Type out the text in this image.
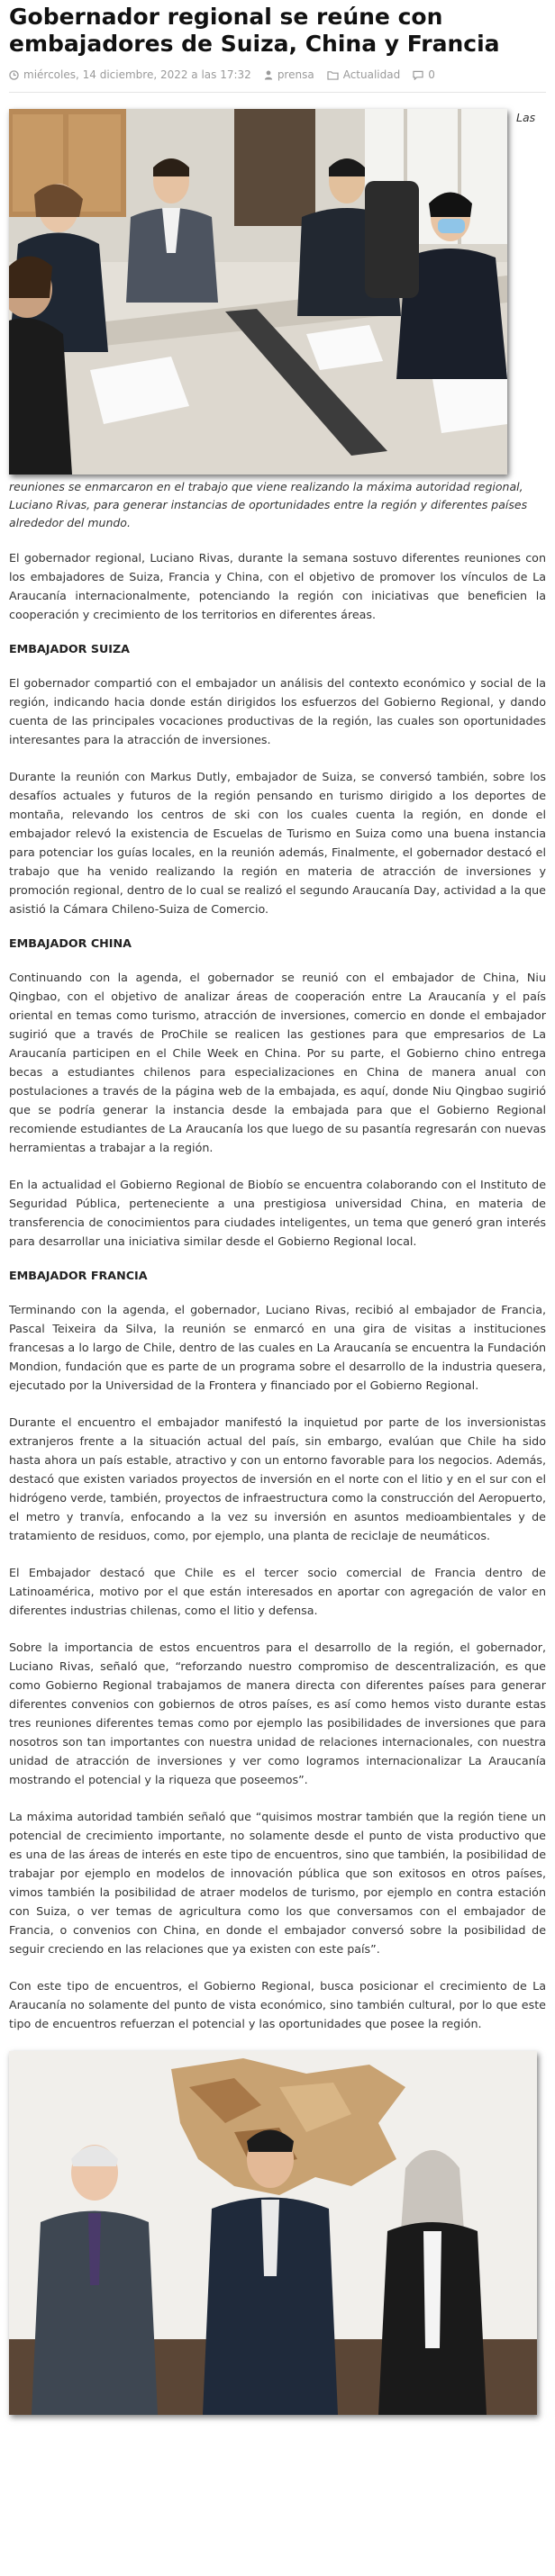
Gobernador regional se reúne con embajadores de Suiza, China y Francia
miércoles, 14 diciembre, 2022 a las 17:32 prensa	Actualidad	0

Las reuniones se enmarcaron en el trabajo que viene realizando la máxima autoridad regional, Luciano Rivas, para generar instancias de oportunidades entre la región y diferentes países alrededor del mundo.

El gobernador regional, Luciano Rivas, durante la semana sostuvo diferentes reuniones con los embajadores de Suiza, Francia y China, con el objetivo de promover los vínculos de La Araucanía internacionalmente, potenciando la región con iniciativas que beneficien la cooperación y crecimiento de los territorios en diferentes áreas.

EMBAJADOR SUIZA

El gobernador compartió con el embajador un análisis del contexto económico y social de la región, indicando hacia donde están dirigidos los esfuerzos del Gobierno Regional, y dando cuenta de las principales vocaciones productivas de la región, las cuales son oportunidades interesantes para la atracción de inversiones.

Durante la reunión con Markus Dutly, embajador de Suiza, se conversó también, sobre los desafíos actuales y futuros de la región pensando en turismo dirigido a los deportes de montaña, relevando los centros de ski con los cuales cuenta la región, en donde el embajador relevó la existencia de Escuelas de Turismo en Suiza como una buena instancia para potenciar los guías locales, en la reunión además, Finalmente, el gobernador destacó el trabajo que ha venido realizando la región en materia de atracción de inversiones y promoción regional, dentro de lo cual se realizó el segundo Araucanía Day, actividad a la que asistió la Cámara Chileno-Suiza de Comercio.

EMBAJADOR CHINA

Continuando con la agenda, el gobernador se reunió con el embajador de China, Niu Qingbao, con el objetivo de analizar áreas de cooperación entre La Araucanía y el país oriental en temas como turismo, atracción de inversiones, comercio en donde el embajador sugirió que a través de ProChile se realicen las gestiones para que empresarios de La Araucanía participen en el Chile Week en China. Por su parte, el Gobierno chino entrega becas a estudiantes chilenos para especializaciones en China de manera anual con postulaciones a través de la página web de la embajada, es aquí, donde Niu Qingbao sugirió que se podría generar la instancia desde la embajada para que el Gobierno Regional recomiende estudiantes de La Araucanía los que luego de su pasantía regresarán con nuevas herramientas a trabajar a la región.

En la actualidad el Gobierno Regional de Biobío se encuentra colaborando con el Instituto de Seguridad Pública, perteneciente a una prestigiosa universidad China, en materia de transferencia de conocimientos para ciudades inteligentes, un tema que generó gran interés para desarrollar una iniciativa similar desde el Gobierno Regional local.

EMBAJADOR FRANCIA

Terminando con la agenda, el gobernador, Luciano Rivas, recibió al embajador de Francia, Pascal Teixeira da Silva, la reunión se enmarcó en una gira de visitas a instituciones francesas a lo largo de Chile, dentro de las cuales en La Araucanía se encuentra la Fundación Mondion, fundación que es parte de un programa sobre el desarrollo de la industria quesera, ejecutado por la Universidad de la Frontera y financiado por el Gobierno Regional.

Durante el encuentro el embajador manifestó la inquietud por parte de los inversionistas extranjeros frente a la situación actual del país, sin embargo, evalúan que Chile ha sido hasta ahora un país estable, atractivo y con un entorno favorable para los negocios. Además, destacó que existen variados proyectos de inversión en el norte con el litio y en el sur con el hidrógeno verde, también, proyectos de infraestructura como la construcción del Aeropuerto, el metro y tranvía, enfocando a la vez su inversión en asuntos medioambientales y de tratamiento de residuos, como, por ejemplo, una planta de reciclaje de neumáticos.

El Embajador destacó que Chile es el tercer socio comercial de Francia dentro de Latinoamérica, motivo por el que están interesados en aportar con agregación de valor en diferentes industrias chilenas, como el litio y defensa.

Sobre la importancia de estos encuentros para el desarrollo de la región, el gobernador, Luciano Rivas, señaló que, “reforzando nuestro compromiso de descentralización, es que como Gobierno Regional trabajamos de manera directa con diferentes países para generar diferentes convenios con gobiernos de otros países, es así como hemos visto durante estas tres reuniones diferentes temas como por ejemplo las posibilidades de inversiones que para nosotros son tan importantes con nuestra unidad de relaciones internacionales, con nuestra unidad de atracción de inversiones y ver como logramos internacionalizar La Araucanía mostrando el potencial y la riqueza que poseemos”.

La máxima autoridad también señaló que “quisimos mostrar también que la región tiene un potencial de crecimiento importante, no solamente desde el punto de vista productivo que es una de las áreas de interés en este tipo de encuentros, sino que también, la posibilidad de trabajar por ejemplo en modelos de innovación pública que son exitosos en otros países, vimos también la posibilidad de atraer modelos de turismo, por ejemplo en contra estación con Suiza, o ver temas de agricultura como los que conversamos con el embajador de Francia, o convenios con China, en donde el embajador conversó sobre la posibilidad de seguir creciendo en las relaciones que ya existen con este país”.

Con este tipo de encuentros, el Gobierno Regional, busca posicionar el crecimiento de La Araucanía no solamente del punto de vista económico, sino también cultural, por lo que este tipo de encuentros refuerzan el potencial y las oportunidades que posee la región.
